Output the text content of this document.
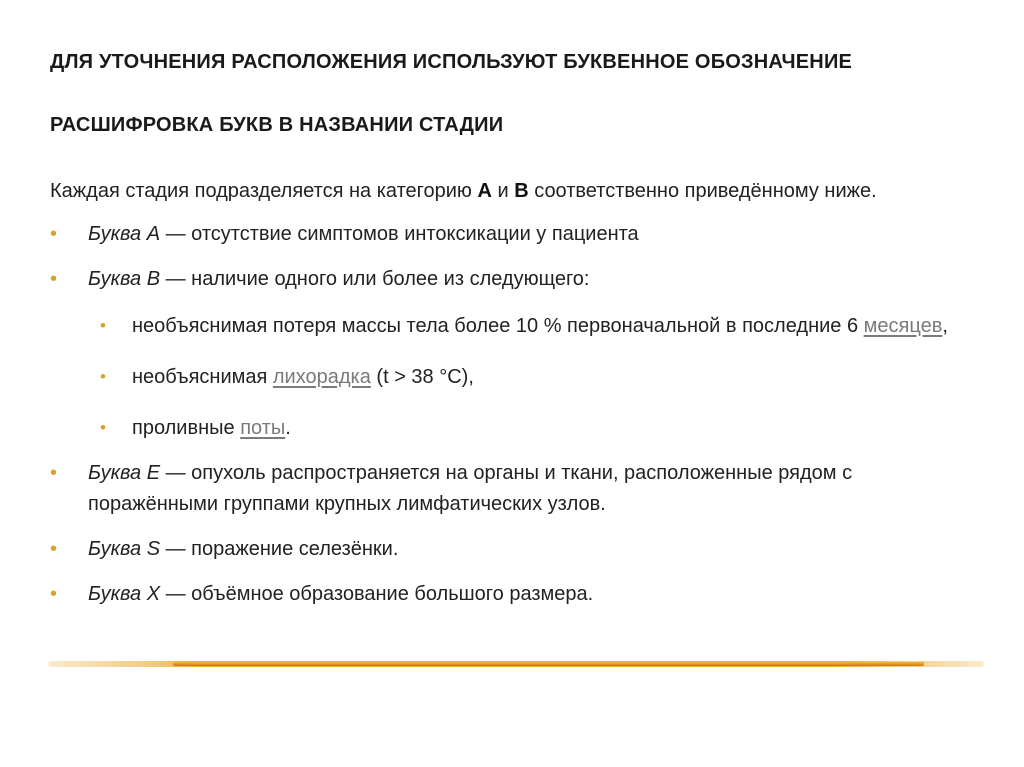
ДЛЯ УТОЧНЕНИЯ РАСПОЛОЖЕНИЯ ИСПОЛЬЗУЮТ БУКВЕННОЕ ОБОЗНАЧЕНИЕ
РАСШИФРОВКА БУКВ В НАЗВАНИИ СТАДИИ

Каждая стадия подразделяется на категорию A и B соответственно приведённому ниже.

• Буква A — отсутствие симптомов интоксикации у пациента
• Буква B — наличие одного или более из следующего:
• необъяснимая потеря массы тела более 10 % первоначальной в последние 6 месяцев,
• необъяснимая лихорадка (t > 38 °C),
• проливные поты.
• Буква E — опухоль распространяется на органы и ткани, расположенные рядом с поражёнными группами крупных лимфатических узлов.
• Буква S — поражение селезёнки.
• Буква X — объёмное образование большого размера.
